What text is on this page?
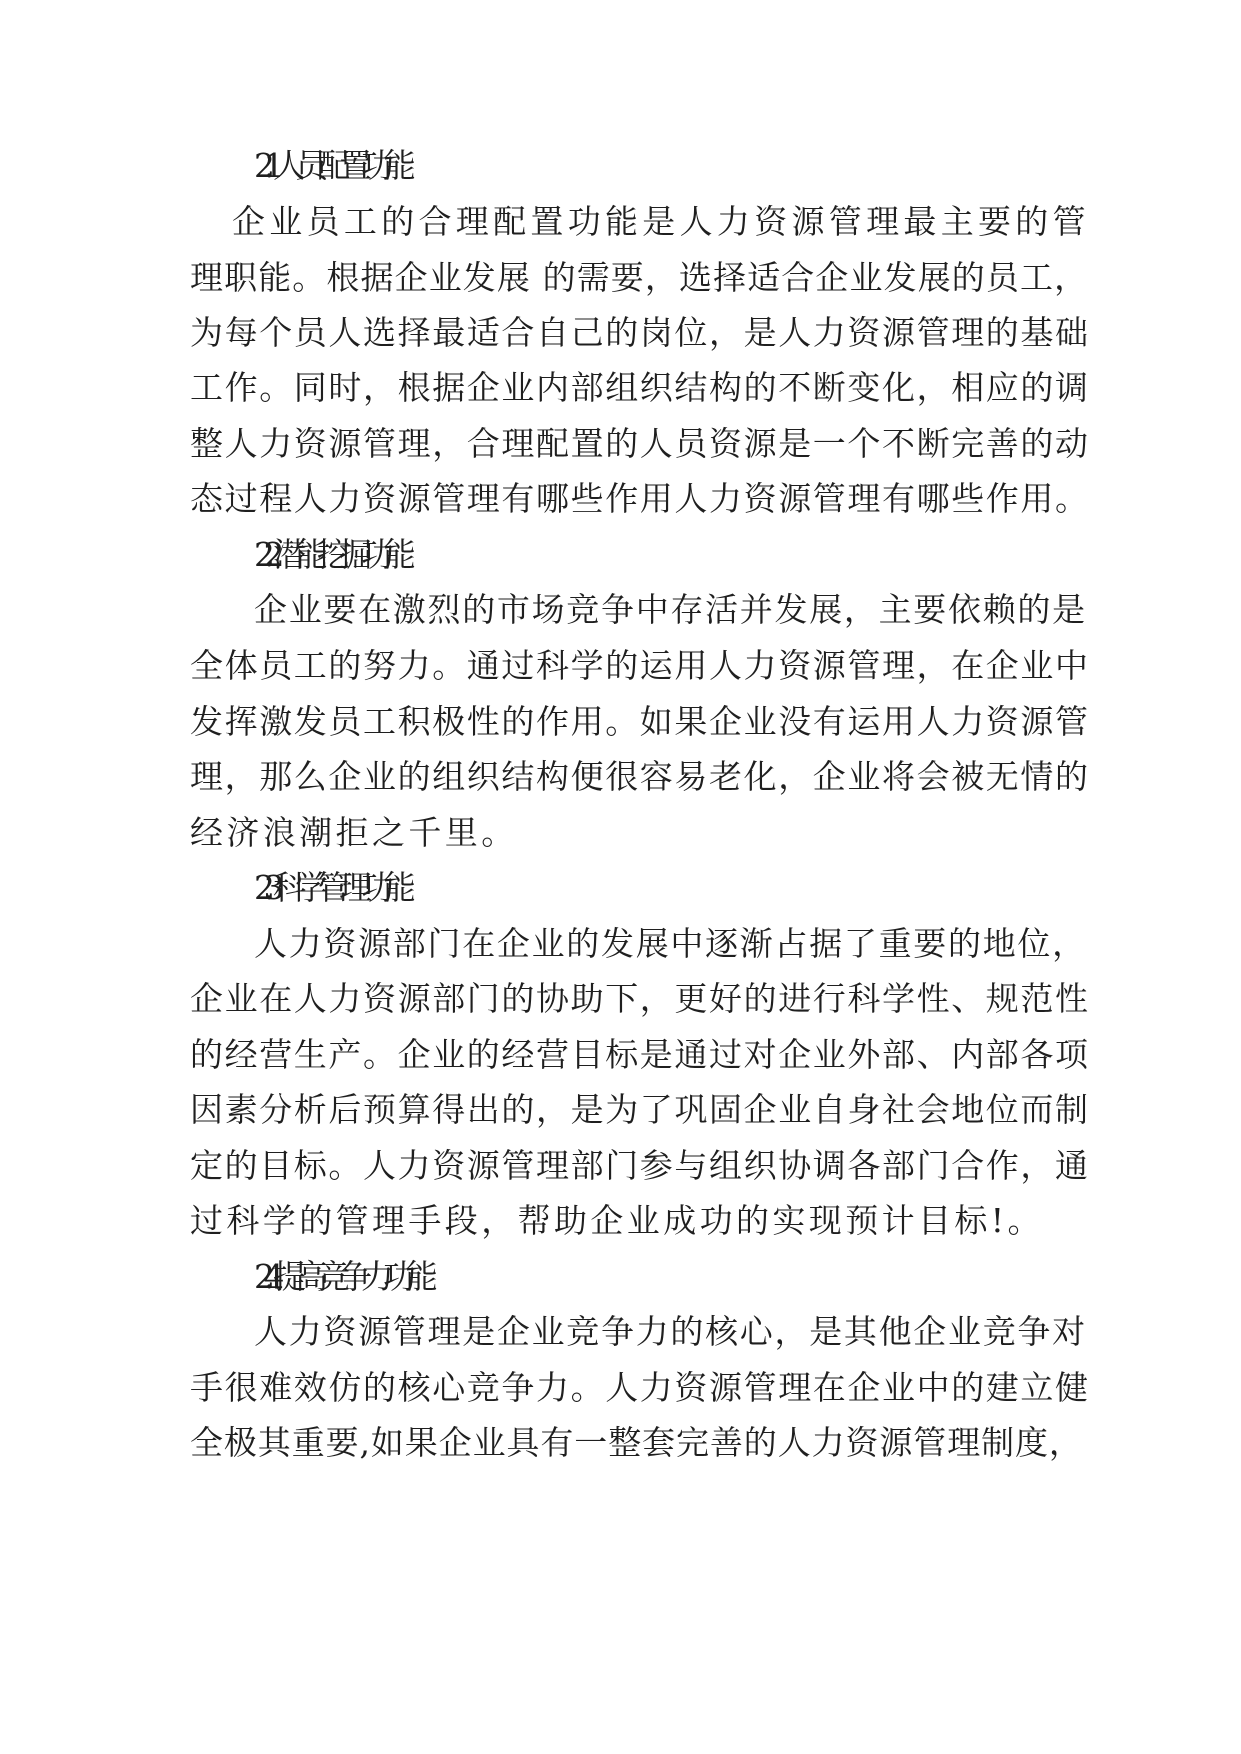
2.1 人员配置功能
企业员工的合理配置功能是人力资源管理最主要的管
理职能。根据企业发展 的需要，选择适合企业发展的员工，
为每个员人选择最适合自己的岗位，是人力资源管理的基础
工作。同时，根据企业内部组织结构的不断变化，相应的调
整人力资源管理，合理配置的人员资源是一个不断完善的动
态过程人力资源管理有哪些作用人力资源管理有哪些作用。
2.2 潜能挖掘功能
企业要在激烈的市场竞争中存活并发展，主要依赖的是
全体员工的努力。通过科学的运用人力资源管理，在企业中
发挥激发员工积极性的作用。如果企业没有运用人力资源管
理，那么企业的组织结构便很容易老化，企业将会被无情的
经济浪潮拒之千里。
2.3 科学管理功能
人力资源部门在企业的发展中逐渐占据了重要的地位，
企业在人力资源部门的协助下，更好的进行科学性、规范性
的经营生产。企业的经营目标是通过对企业外部、内部各项
因素分析后预算得出的，是为了巩固企业自身社会地位而制
定的目标。人力资源管理部门参与组织协调各部门合作，通
过科学的管理手段，帮助企业成功的实现预计目标!。
2.4 提高竞争力功能
人力资源管理是企业竞争力的核心，是其他企业竞争对
手很难效仿的核心竞争力。人力资源管理在企业中的建立健
全极其重要,如果企业具有一整套完善的人力资源管理制度，
